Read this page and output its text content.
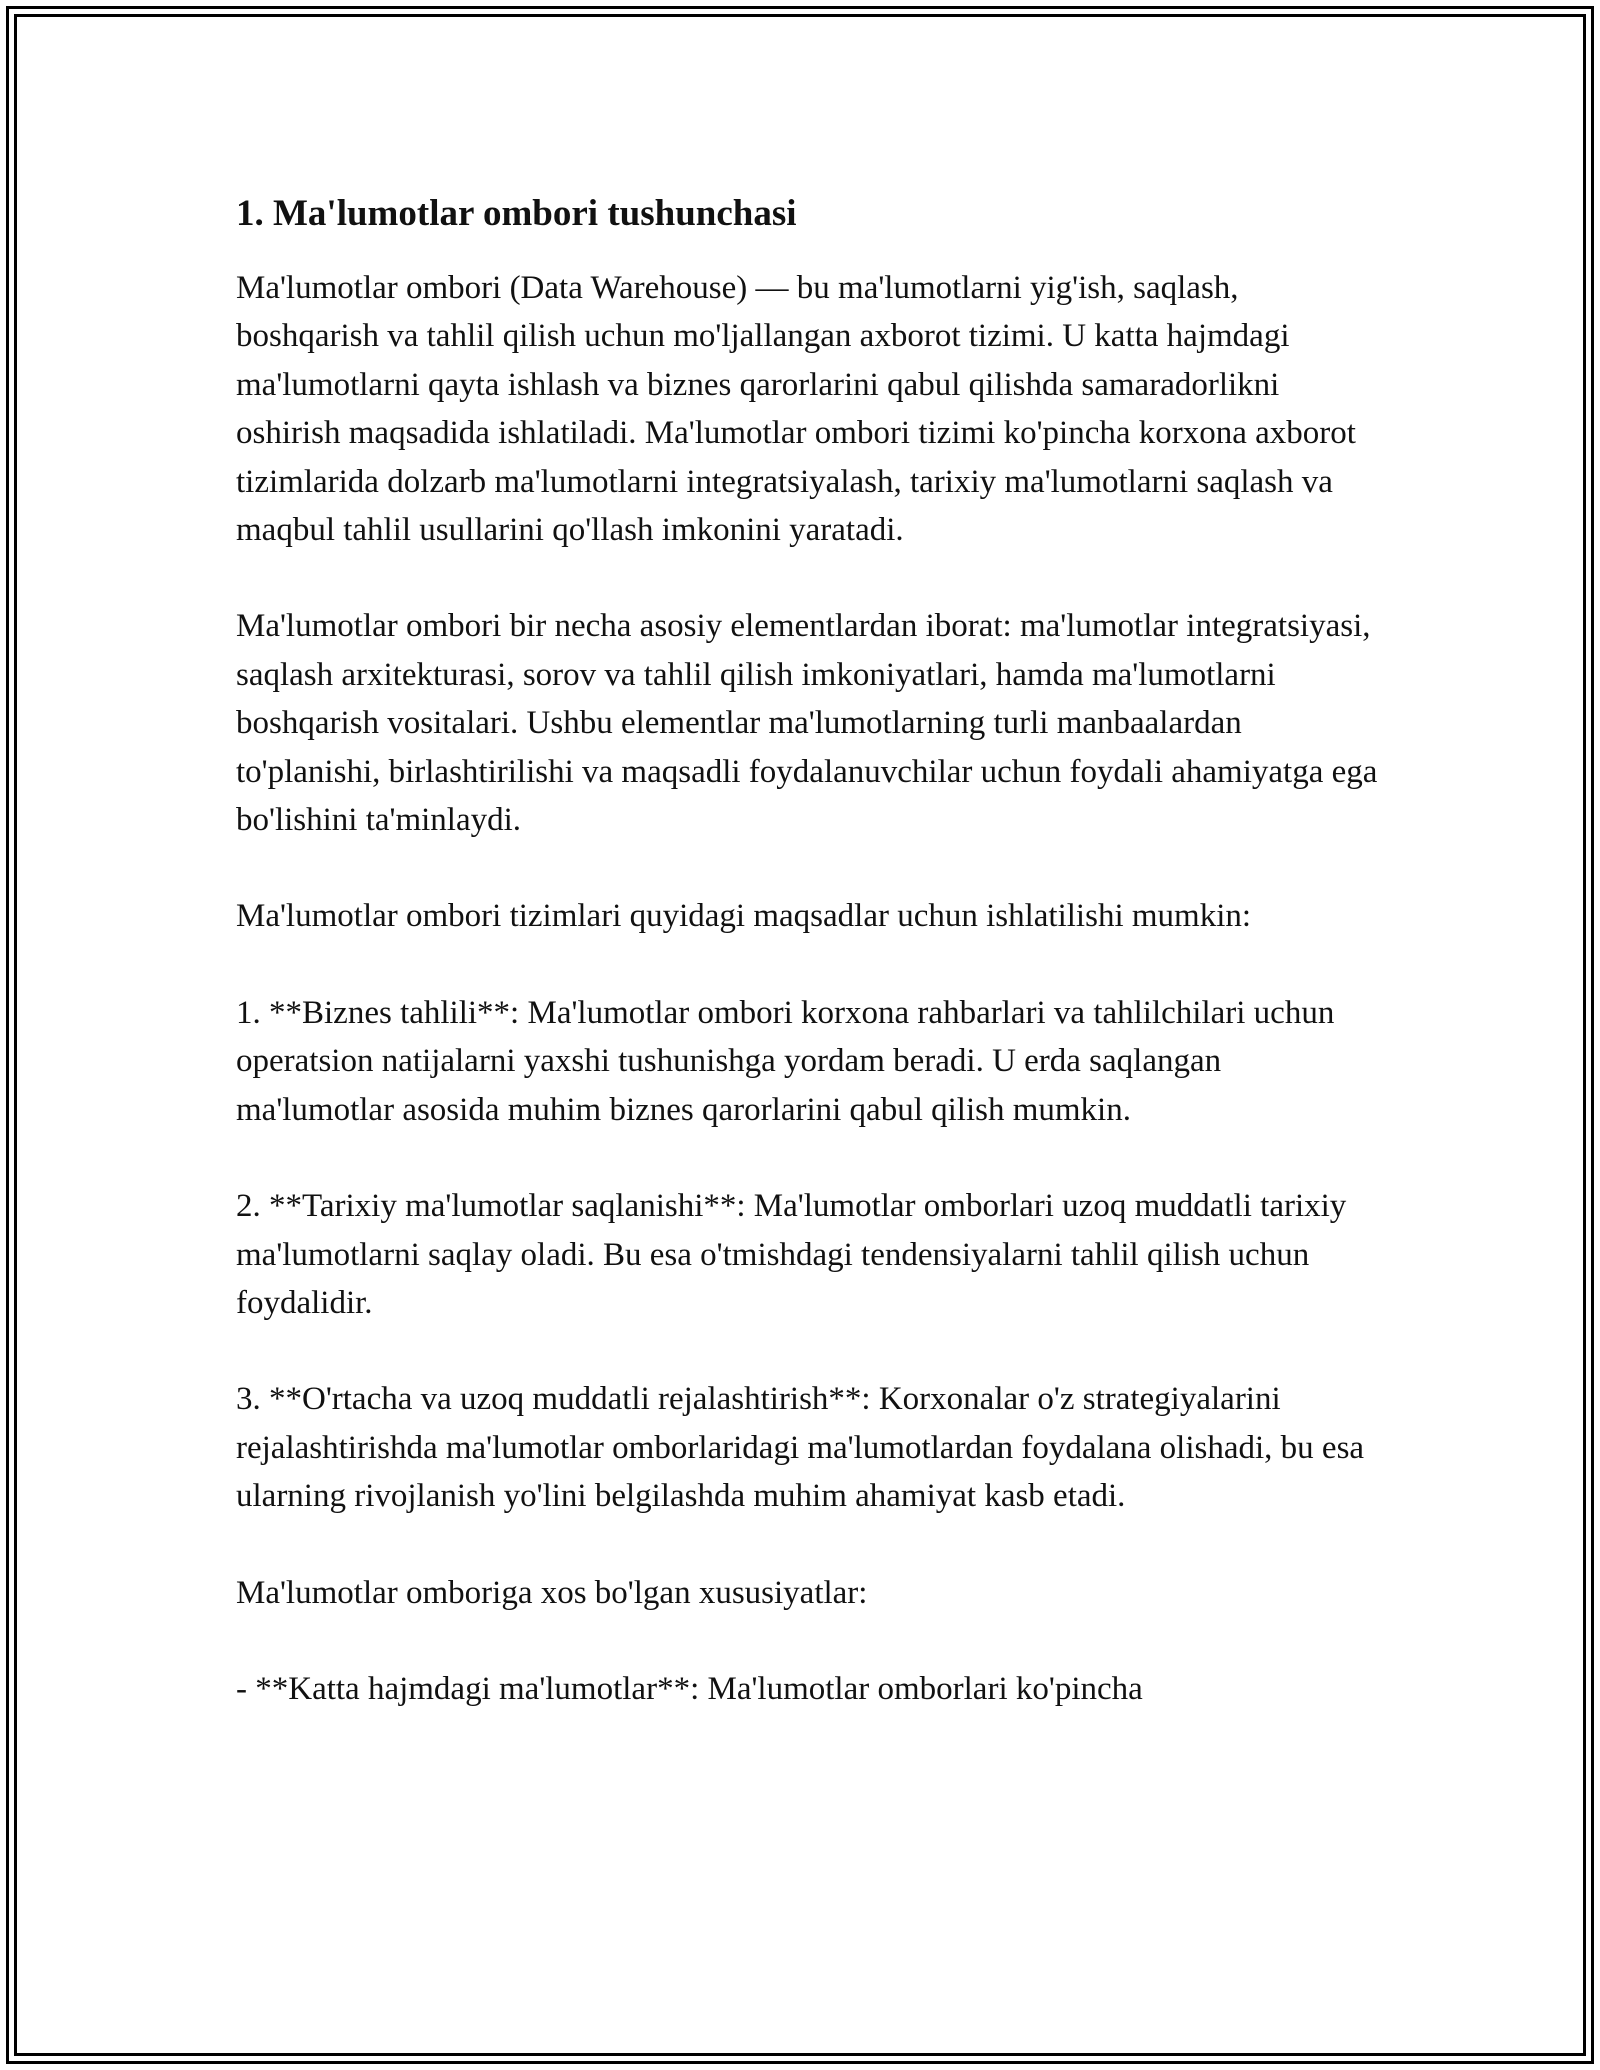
1. Ma'lumotlar ombori tushunchasi

Ma'lumotlar ombori (Data Warehouse) — bu ma'lumotlarni yig'ish, saqlash, boshqarish va tahlil qilish uchun mo'ljallangan axborot tizimi. U katta hajmdagi ma'lumotlarni qayta ishlash va biznes qarorlarini qabul qilishda samaradorlikni oshirish maqsadida ishlatiladi. Ma'lumotlar ombori tizimi ko'pincha korxona axborot tizimlarida dolzarb ma'lumotlarni integratsiyalash, tarixiy ma'lumotlarni saqlash va maqbul tahlil usullarini qo'llash imkonini yaratadi.

Ma'lumotlar ombori bir necha asosiy elementlardan iborat: ma'lumotlar integratsiyasi, saqlash arxitekturasi, sorov va tahlil qilish imkoniyatlari, hamda ma'lumotlarni boshqarish vositalari. Ushbu elementlar ma'lumotlarning turli manbaalardan to'planishi, birlashtirilishi va maqsadli foydalanuvchilar uchun foydali ahamiyatga ega bo'lishini ta'minlaydi.

Ma'lumotlar ombori tizimlari quyidagi maqsadlar uchun ishlatilishi mumkin:

1. **Biznes tahlili**: Ma'lumotlar ombori korxona rahbarlari va tahlilchilari uchun operatsion natijalarni yaxshi tushunishga yordam beradi. U erda saqlangan ma'lumotlar asosida muhim biznes qarorlarini qabul qilish mumkin.

2. **Tarixiy ma'lumotlar saqlanishi**: Ma'lumotlar omborlari uzoq muddatli tarixiy ma'lumotlarni saqlay oladi. Bu esa o'tmishdagi tendensiyalarni tahlil qilish uchun foydalidir.

3. **O'rtacha va uzoq muddatli rejalashtirish**: Korxonalar o'z strategiyalarini rejalashtirishda ma'lumotlar omborlaridagi ma'lumotlardan foydalana olishadi, bu esa ularning rivojlanish yo'lini belgilashda muhim ahamiyat kasb etadi.

Ma'lumotlar omboriga xos bo'lgan xususiyatlar:

- **Katta hajmdagi ma'lumotlar**: Ma'lumotlar omborlari ko'pincha
